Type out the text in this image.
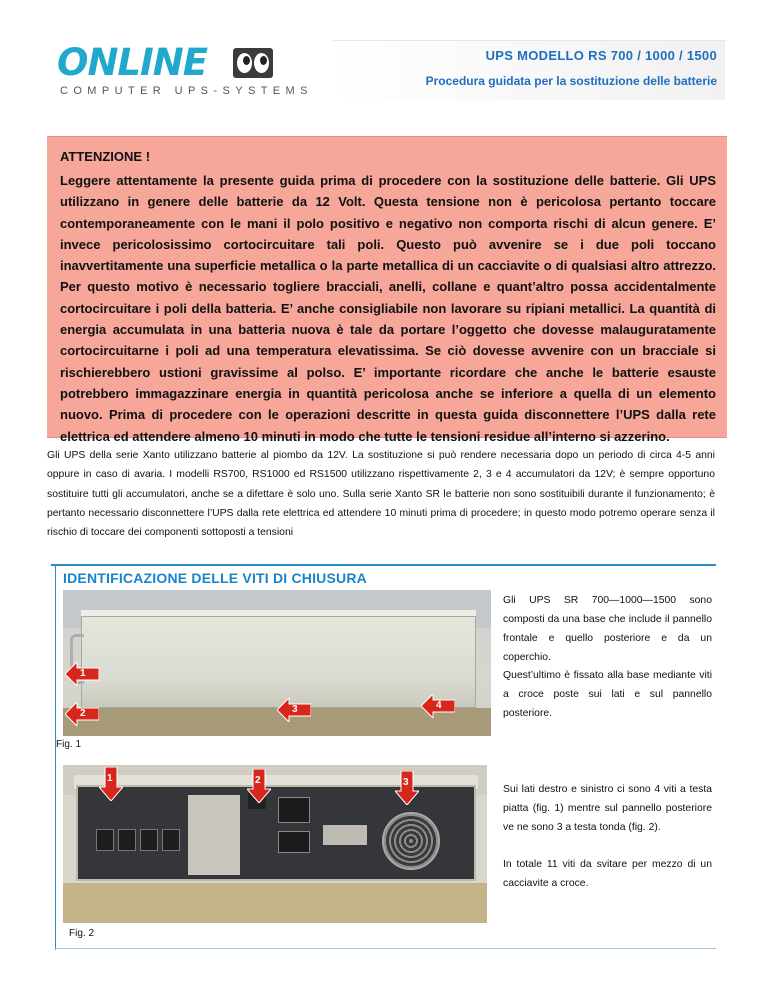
ONLINE
COMPUTER UPS-SYSTEMS
UPS MODELLO RS 700 / 1000 / 1500
Procedura guidata per la sostituzione delle batterie
ATTENZIONE !
Leggere attentamente la presente guida prima di procedere con la sostituzione delle batterie. Gli UPS utilizzano in genere delle batterie da 12 Volt. Questa tensione non è pericolosa pertanto toccare contemporaneamente con le mani il polo positivo e negativo non comporta rischi di alcun genere. E’ invece pericolosissimo cortocircuitare tali poli. Questo può avvenire se i due poli toccano inavvertitamente una superficie metallica o la parte metallica di un cacciavite o di qualsiasi altro attrezzo. Per questo motivo è necessario togliere bracciali, anelli, collane e quant’altro possa accidentalmente cortocircuitare i poli della batteria. E’ anche consigliabile non lavorare su ripiani metallici. La quantità di energia accumulata in una batteria nuova è tale da portare l’oggetto che dovesse malauguratamente cortocircuitarne i poli ad una temperatura elevatissima. Se ciò dovesse avvenire con un bracciale si rischierebbero ustioni gravissime al polso. E’ importante ricordare che anche le batterie esauste potrebbero immagazzinare energia in quantità pericolosa anche se inferiore a quella di un elemento nuovo. Prima di procedere con le operazioni descritte in questa guida disconnettere l’UPS dalla rete elettrica ed attendere almeno 10 minuti in modo che tutte le tensioni residue all’interno si azzerino.
Gli UPS della serie Xanto utilizzano batterie al piombo da 12V. La sostituzione si può rendere necessaria dopo un periodo di circa 4-5 anni oppure in caso di avaria. I modelli RS700, RS1000 ed RS1500 utilizzano rispettivamente 2, 3 e 4 accumulatori da 12V; è sempre opportuno sostituire tutti gli accumulatori, anche se a difettare è solo uno. Sulla serie Xanto SR le batterie non sono sostituibili durante il funzionamento; è pertanto necessario disconnettere l’UPS dalla rete elettrica ed attendere 10 minuti prima di procedere; in questo modo potremo operare senza il rischio di toccare dei componenti sottoposti a tensioni
IDENTIFICAZIONE DELLE VITI DI CHIUSURA
1
2	3	4
Fig. 1
1	2	3
Fig. 2
Gli UPS SR 700—1000—1500 sono composti da una base che include il pannello frontale e quello posteriore e da un coperchio.
Quest’ultimo è fissato alla base mediante viti a croce poste sui lati e sul pannello posteriore.
Sui lati destro e sinistro ci sono 4 viti a testa piatta (fig. 1) mentre sul pannello posteriore ve ne sono 3 a testa tonda (fig. 2).
In totale 11 viti da svitare per mezzo di un cacciavite a croce.
